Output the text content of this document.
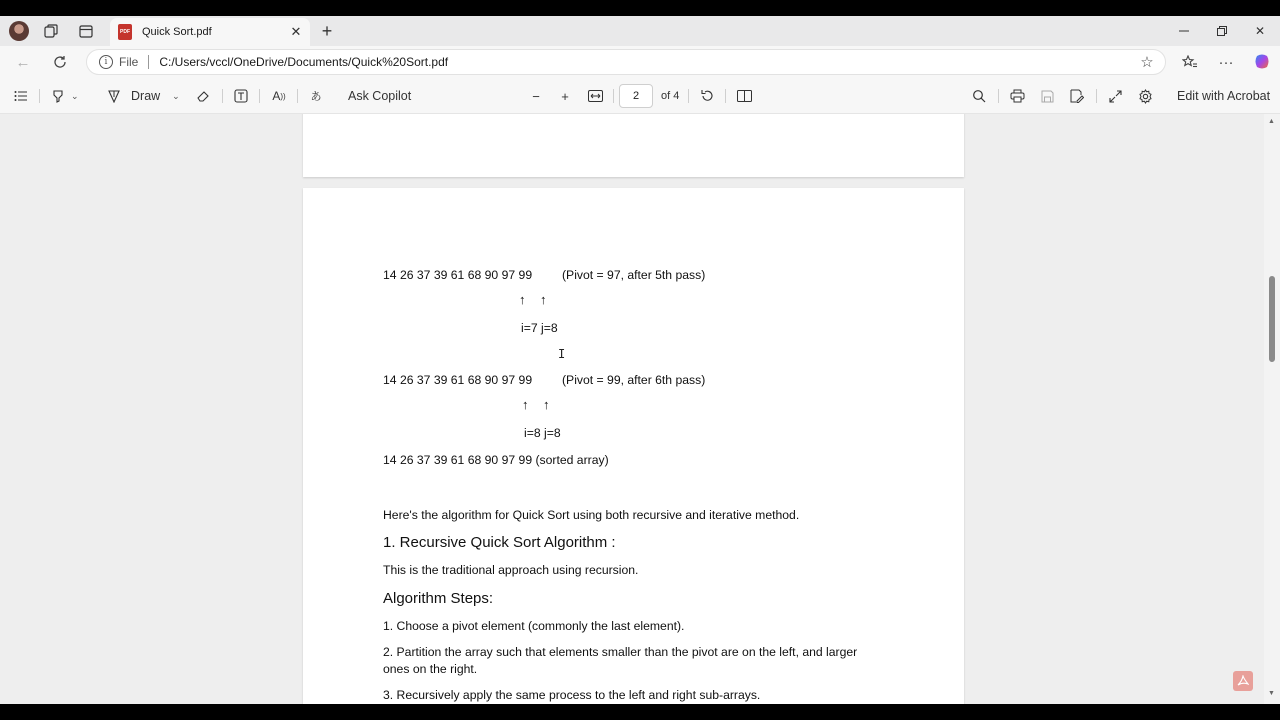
PDF Quick Sort.pdf	✕ +	✕
←	i File C:/Users/vccl/OneDrive/Documents/Quick%20Sort.pdf	☆	···
⌄	Draw ⌄	A ))	あ	Ask Copilot	−	+	2	of 4	Edit with Acrobat
14 26 37 39 61 68 90 97 99 (Pivot = 97, after 5th pass)
↑ ↑
i=7 j=8
I
14 26 37 39 61 68 90 97 99 (Pivot = 99, after 6th pass)
↑ ↑
i=8 j=8
14 26 37 39 61 68 90 97 99 (sorted array)
Here's the algorithm for Quick Sort using both recursive and iterative method.
1. Recursive Quick Sort Algorithm :
This is the traditional approach using recursion.
Algorithm Steps:
1. Choose a pivot element (commonly the last element).
2. Partition the array such that elements smaller than the pivot are on the left, and larger
ones on the right.
3. Recursively apply the same process to the left and right sub-arrays.
▲
▼
